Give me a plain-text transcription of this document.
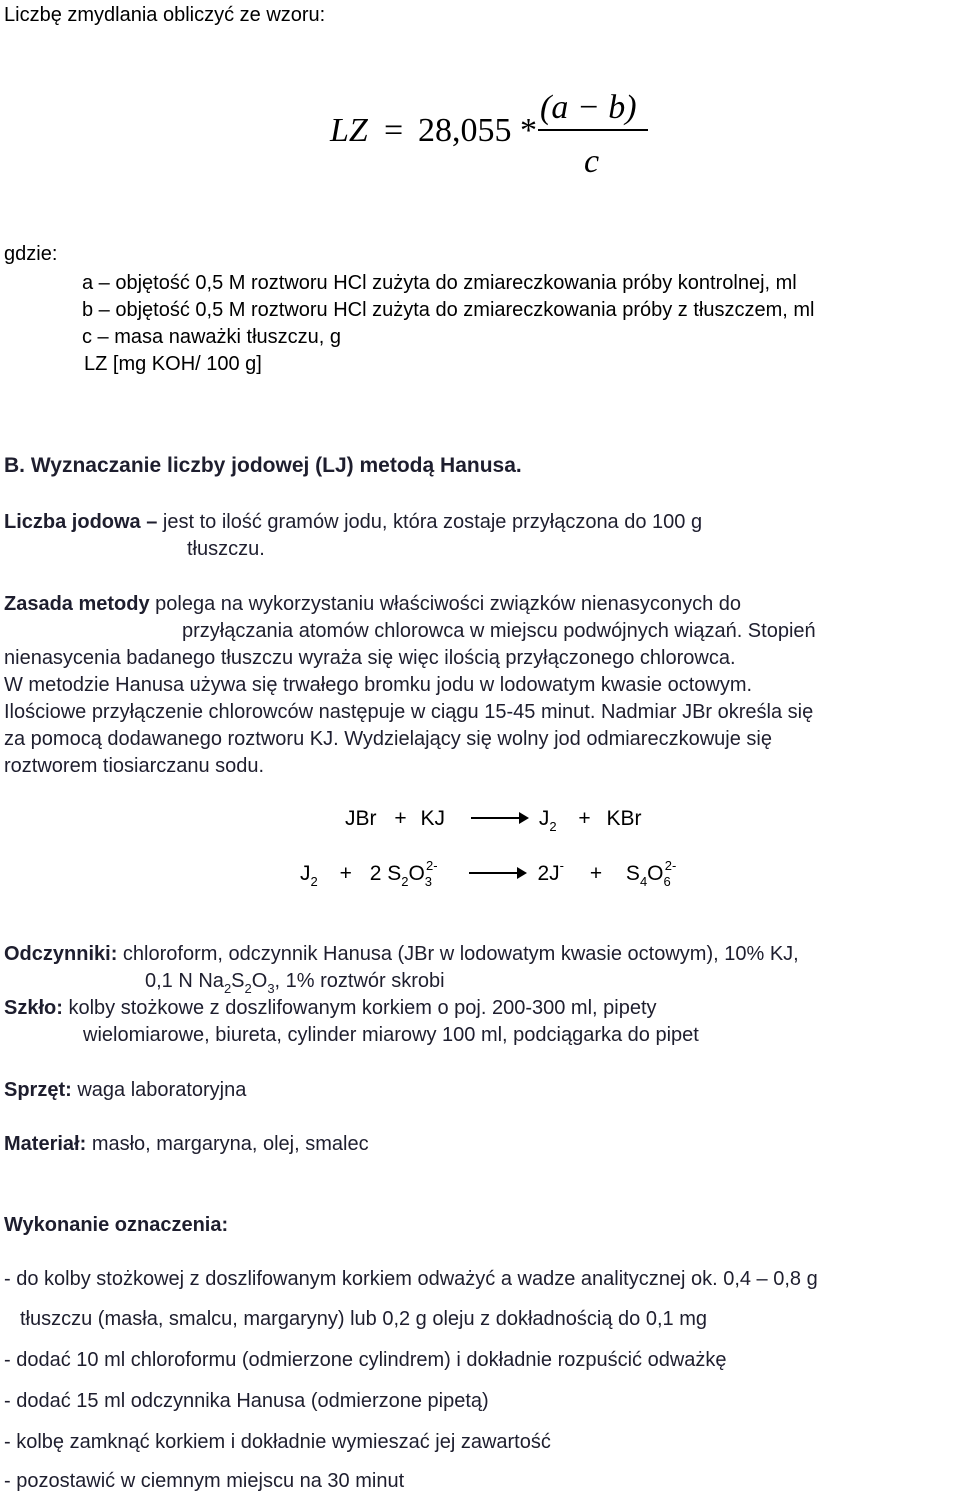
Liczbę zmydlania obliczyć ze wzoru:
LZ = 28,055 *
(a − b)
c
gdzie:
a – objętość 0,5 M roztworu HCl zużyta do zmiareczkowania próby kontrolnej, ml
b – objętość 0,5 M roztworu HCl zużyta do zmiareczkowania próby z tłuszczem, ml
c – masa naważki tłuszczu, g
LZ [mg KOH/ 100 g]
B. Wyznaczanie liczby jodowej (LJ) metodą Hanusa.
Liczba jodowa – jest to ilość gramów jodu, która zostaje przyłączona do 100 g
tłuszczu.
Zasada metody polega na wykorzystaniu właściwości związków nienasyconych do
przyłączania atomów chlorowca w miejscu podwójnych wiązań. Stopień
nienasycenia badanego tłuszczu wyraża się więc ilością przyłączonego chlorowca.
W metodzie Hanusa używa się trwałego bromku jodu w lodowatym kwasie octowym.
Ilościowe przyłączenie chlorowców następuje w ciągu 15-45 minut. Nadmiar JBr określa się
za pomocą dodawanego roztworu KJ. Wydzielający się wolny jod odmiareczkowuje się
roztworem tiosiarczanu sodu.
JBr + KJ → $J_2$ + KBr
$J_2 + 2$ $S_2O_3^{2-} \to 2J^- + S_4O_6^{2-}$
Odczynniki: chloroform, odczynnik Hanusa (JBr w lodowatym kwasie octowym), 10% KJ,
0,1 N $Na_2S_2O_3$, 1% roztwór skrobi
Szkło: kolby stożkowe z doszlifowanym korkiem o poj. 200-300 ml, pipety
wielomiarowe, biureta, cylinder miarowy 100 ml, podciągarka do pipet
Sprzęt: waga laboratoryjna
Materiał: masło, margaryna, olej, smalec
Wykonanie oznaczenia:
- do kolby stożkowej z doszlifowanym korkiem odważyć a wadze analitycznej ok. 0,4 – 0,8 g
tłuszczu (masła, smalcu, margaryny) lub 0,2 g oleju z dokładnością do 0,1 mg
- dodać 10 ml chloroformu (odmierzone cylindrem) i dokładnie rozpuścić odważkę
- dodać 15 ml odczynnika Hanusa (odmierzone pipetą)
- kolbę zamknąć korkiem i dokładnie wymieszać jej zawartość
- pozostawić w ciemnym miejscu na 30 minut
